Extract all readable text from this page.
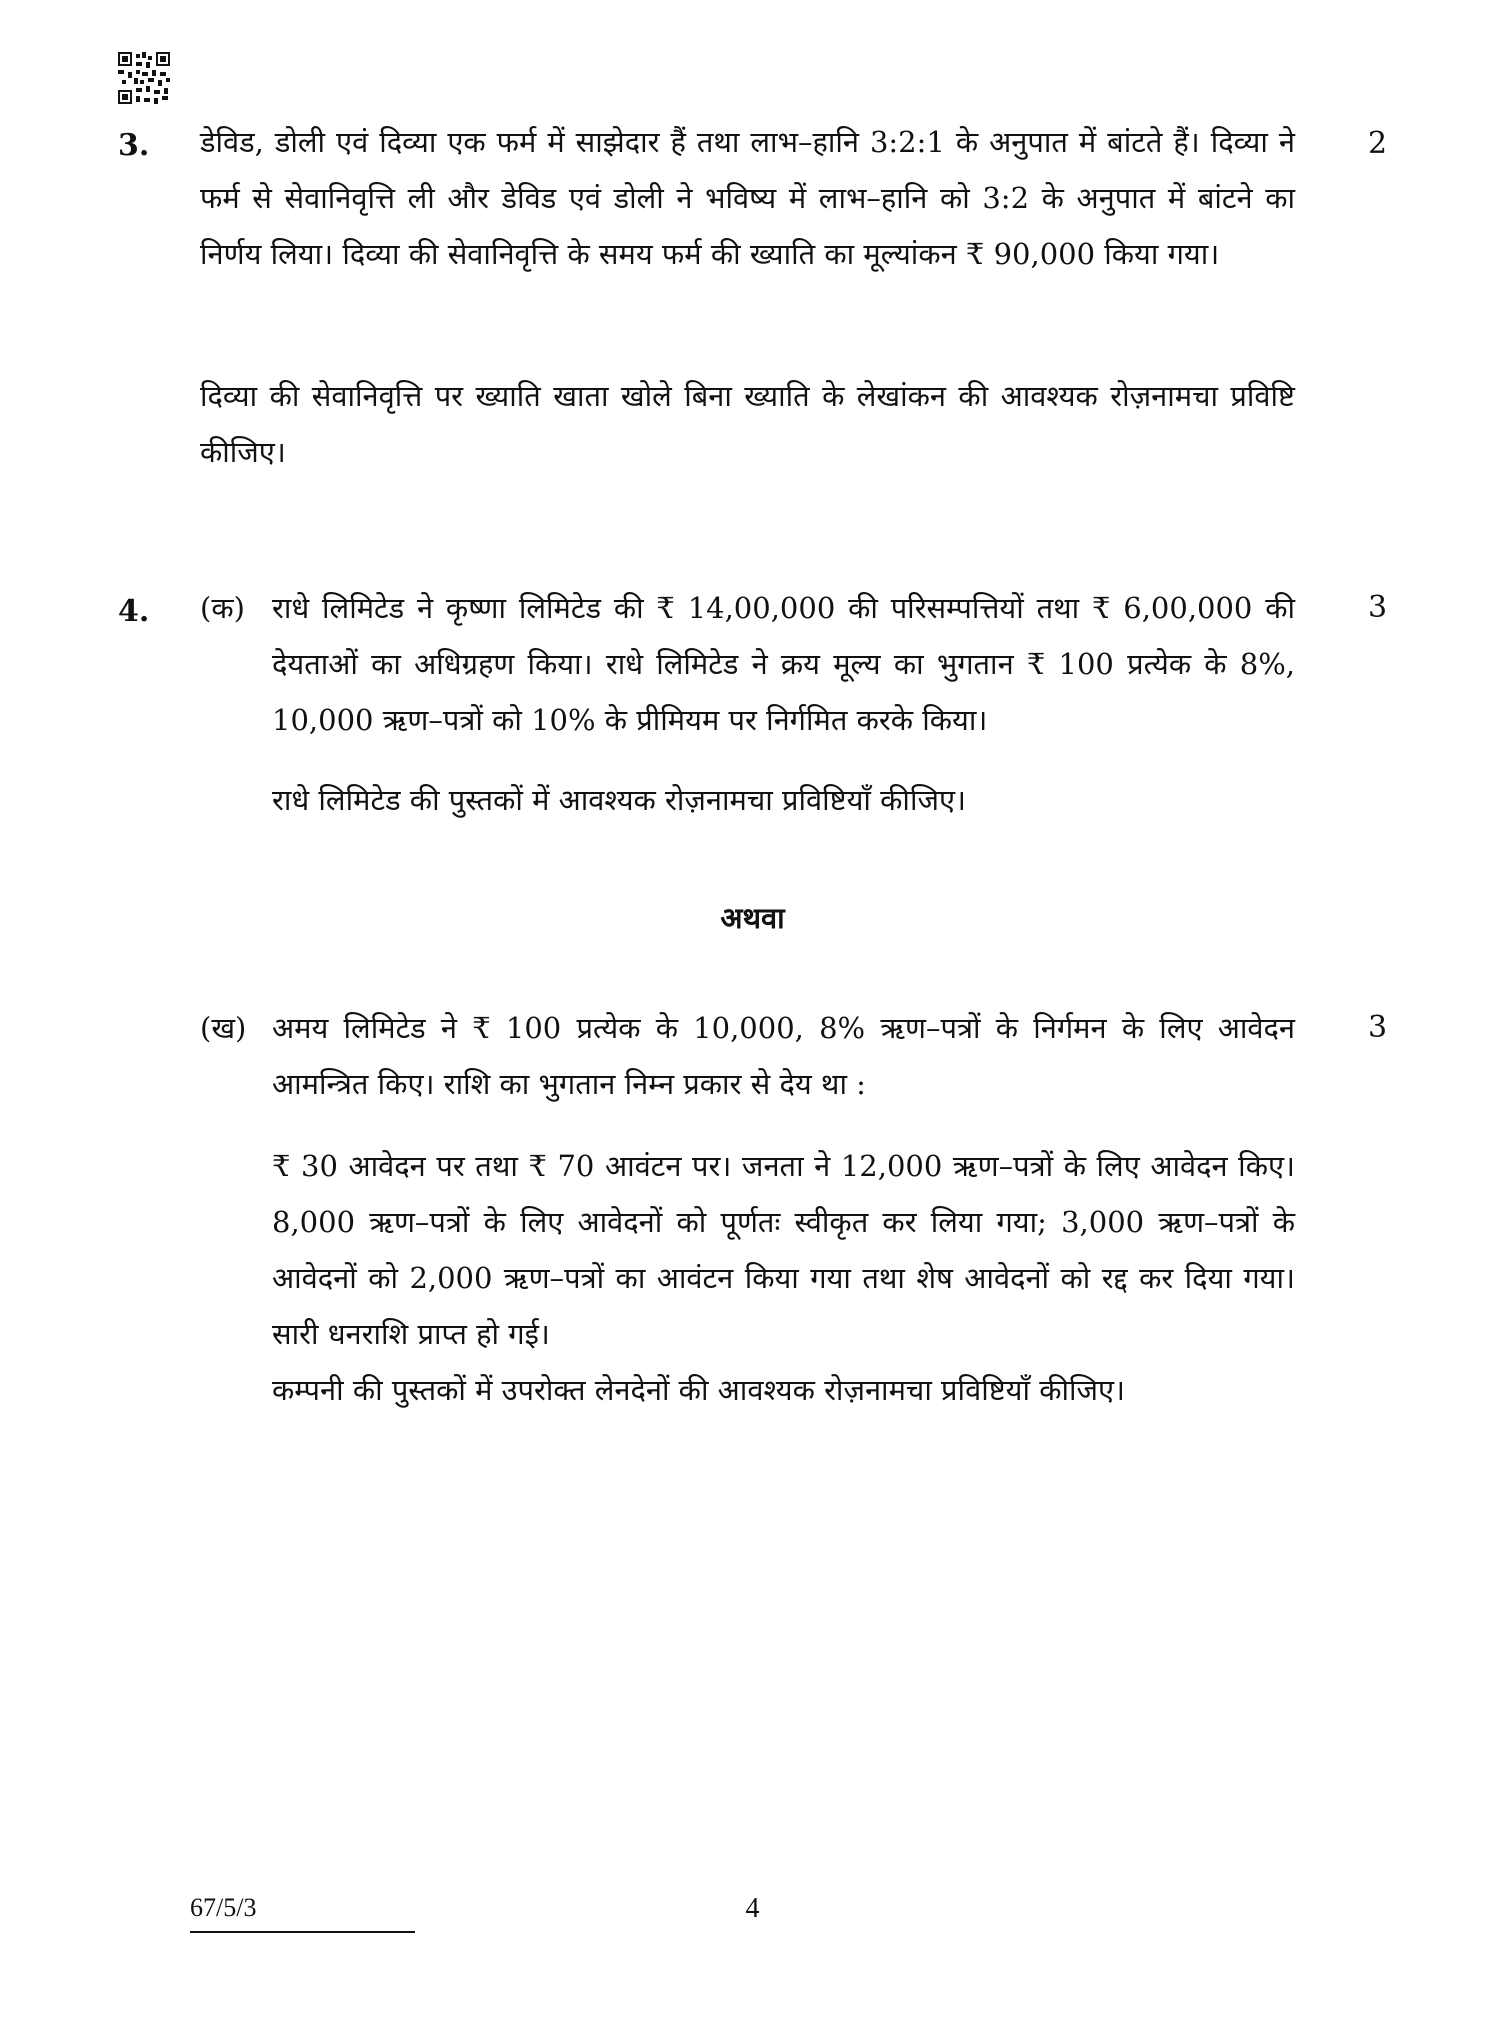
3.	2

डेविड, डोली एवं दिव्या एक फर्म में साझेदार हैं तथा लाभ–हानि 3:2:1 के अनुपात में बांटते हैं। दिव्या ने फर्म से सेवानिवृत्ति ली और डेविड एवं डोली ने भविष्य में लाभ–हानि को 3:2 के अनुपात में बांटने का निर्णय लिया। दिव्या की सेवानिवृत्ति के समय फर्म की ख्याति का मूल्यांकन ₹ 90,000 किया गया।

दिव्या की सेवानिवृत्ति पर ख्याति खाता खोले बिना ख्याति के लेखांकन की आवश्यक रोज़नामचा प्रविष्टि कीजिए।

4. (क)	3

राधे लिमिटेड ने कृष्णा लिमिटेड की ₹ 14,00,000 की परिसम्पत्तियों तथा ₹ 6,00,000 की देयताओं का अधिग्रहण किया। राधे लिमिटेड ने क्रय मूल्य का भुगतान ₹ 100 प्रत्येक के 8%, 10,000 ऋण–पत्रों को 10% के प्रीमियम पर निर्गमित करके किया।

राधे लिमिटेड की पुस्तकों में आवश्यक रोज़नामचा प्रविष्टियाँ कीजिए।

अथवा
(ख)	3

अमय लिमिटेड ने ₹ 100 प्रत्येक के 10,000, 8% ऋण–पत्रों के निर्गमन के लिए आवेदन आमन्त्रित किए। राशि का भुगतान निम्न प्रकार से देय था :

₹ 30 आवेदन पर तथा ₹ 70 आवंटन पर। जनता ने 12,000 ऋण–पत्रों के लिए आवेदन किए। 8,000 ऋण–पत्रों के लिए आवेदनों को पूर्णतः स्वीकृत कर लिया गया; 3,000 ऋण–पत्रों के आवेदनों को 2,000 ऋण–पत्रों का आवंटन किया गया तथा शेष आवेदनों को रद्द कर दिया गया। सारी धनराशि प्राप्त हो गई।

कम्पनी की पुस्तकों में उपरोक्त लेनदेनों की आवश्यक रोज़नामचा प्रविष्टियाँ कीजिए।

67/5/3	4
